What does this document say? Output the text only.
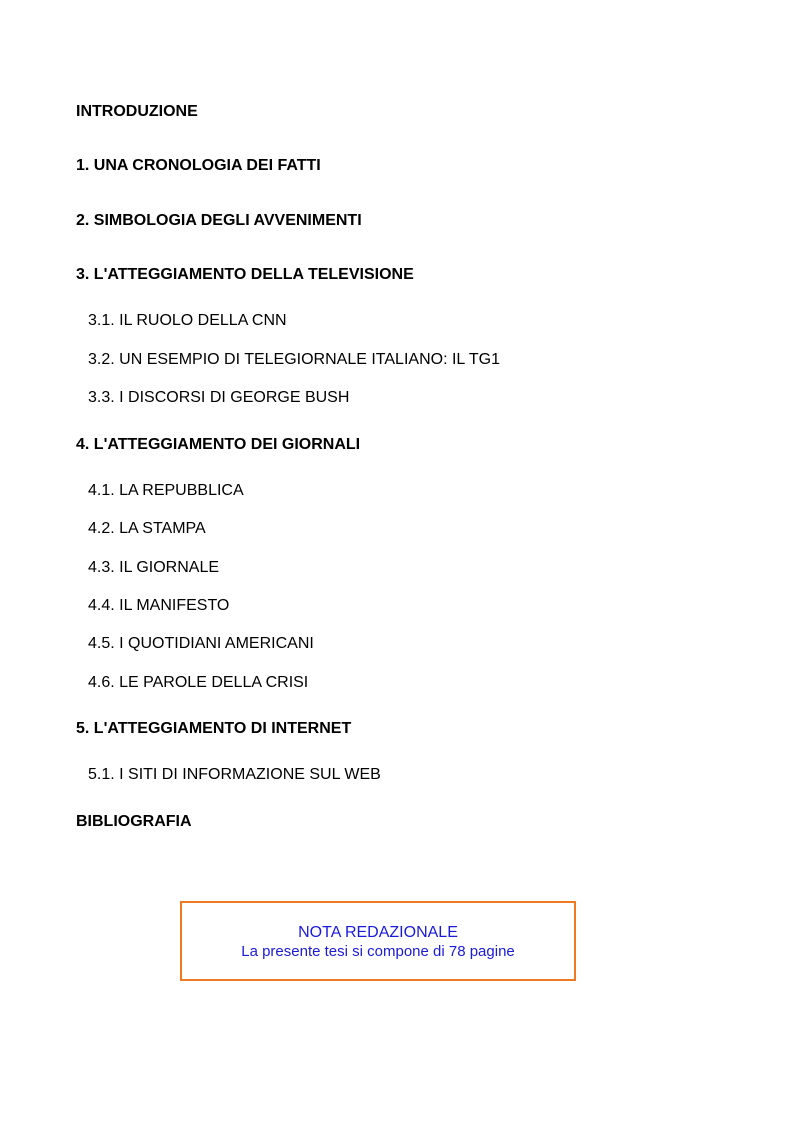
INTRODUZIONE
1. UNA CRONOLOGIA DEI FATTI
2. SIMBOLOGIA DEGLI AVVENIMENTI
3. L'ATTEGGIAMENTO DELLA TELEVISIONE
3.1. IL RUOLO DELLA CNN
3.2. UN ESEMPIO DI TELEGIORNALE ITALIANO: IL TG1
3.3. I DISCORSI DI GEORGE BUSH
4. L'ATTEGGIAMENTO DEI GIORNALI
4.1. LA REPUBBLICA
4.2. LA STAMPA
4.3. IL GIORNALE
4.4. IL MANIFESTO
4.5. I QUOTIDIANI AMERICANI
4.6. LE PAROLE DELLA CRISI
5. L'ATTEGGIAMENTO DI INTERNET
5.1. I SITI DI INFORMAZIONE SUL WEB
BIBLIOGRAFIA
NOTA REDAZIONALE
La presente tesi si compone di 78 pagine
